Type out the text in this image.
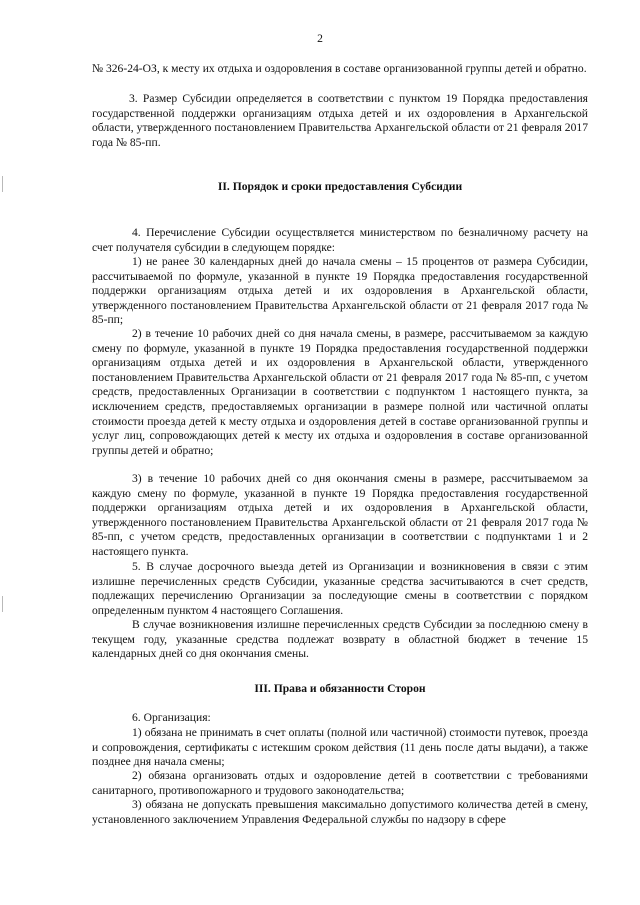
2

№ 326-24-ОЗ, к месту их отдыха и оздоровления в составе организованной группы детей и обратно.

3. Размер Субсидии определяется в соответствии с пунктом 19 Порядка предоставления государственной поддержки организациям отдыха детей и их оздоровления в Архангельской области, утвержденного постановлением Правительства Архангельской области от 21 февраля 2017 года № 85-пп.

II. Порядок и сроки предоставления Субсидии

4. Перечисление Субсидии осуществляется министерством по безналичному расчету на счет получателя субсидии в следующем порядке:

1) не ранее 30 календарных дней до начала смены – 15 процентов от размера Субсидии, рассчитываемой по формуле, указанной в пункте 19 Порядка предоставления государственной поддержки организациям отдыха детей и их оздоровления в Архангельской области, утвержденного постановлением Правительства Архангельской области от 21 февраля 2017 года № 85-пп;

2) в течение 10 рабочих дней со дня начала смены, в размере, рассчитываемом за каждую смену по формуле, указанной в пункте 19 Порядка предоставления государственной поддержки организациям отдыха детей и их оздоровления в Архангельской области, утвержденного постановлением Правительства Архангельской области от 21 февраля 2017 года № 85-пп, с учетом средств, предоставленных Организации в соответствии с подпунктом 1 настоящего пункта, за исключением средств, предоставляемых организации в размере полной или частичной оплаты стоимости проезда детей к месту отдыха и оздоровления детей в составе организованной группы и услуг лиц, сопровождающих детей к месту их отдыха и оздоровления в составе организованной группы детей и обратно;

3) в течение 10 рабочих дней со дня окончания смены в размере, рассчитываемом за каждую смену по формуле, указанной в пункте 19 Порядка предоставления государственной поддержки организациям отдыха детей и их оздоровления в Архангельской области, утвержденного постановлением Правительства Архангельской области от 21 февраля 2017 года № 85-пп, с учетом средств, предоставленных организации в соответствии с подпунктами 1 и 2 настоящего пункта.

5. В случае досрочного выезда детей из Организации и возникновения в связи с этим излишне перечисленных средств Субсидии, указанные средства засчитываются в счет средств, подлежащих перечислению Организации за последующие смены в соответствии с порядком определенным пунктом 4 настоящего Соглашения.

В случае возникновения излишне перечисленных средств Субсидии за последнюю смену в текущем году, указанные средства подлежат возврату в областной бюджет в течение 15 календарных дней со дня окончания смены.

III. Права и обязанности Сторон

6. Организация:

1) обязана не принимать в счет оплаты (полной или частичной) стоимости путевок, проезда и сопровождения, сертификаты с истекшим сроком действия (11 день после даты выдачи), а также позднее дня начала смены;

2) обязана организовать отдых и оздоровление детей в соответствии с требованиями санитарного, противопожарного и трудового законодательства;

3) обязана не допускать превышения максимально допустимого количества детей в смену, установленного заключением Управления Федеральной службы по надзору в сфере
